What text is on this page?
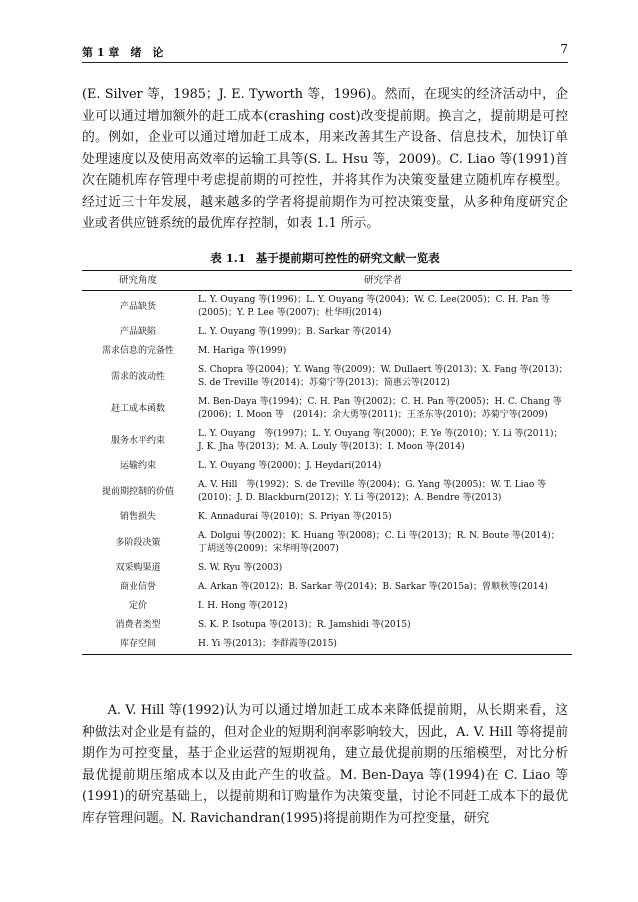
第 1 章　绪　论	7

(E. Silver 等，1985；J. E. Tyworth 等，1996)。然而，在现实的经济活动中，企业可以通过增加额外的赶工成本(crashing cost)改变提前期。换言之，提前期是可控的。例如，企业可以通过增加赶工成本，用来改善其生产设备、信息技术，加快订单处理速度以及使用高效率的运输工具等(S. L. Hsu 等，2009)。C. Liao 等(1991)首次在随机库存管理中考虑提前期的可控性，并将其作为决策变量建立随机库存模型。经过近三十年发展，越来越多的学者将提前期作为可控决策变量，从多种角度研究企业或者供应链系统的最优库存控制，如表 1.1 所示。

表 1.1 基于提前期可控性的研究文献一览表
研究角度	研究学者
产品缺货	L. Y. Ouyang 等(1996)；L. Y. Ouyang 等(2004)；W. C. Lee(2005)；C. H. Pan 等(2005)；Y. P. Lee 等(2007)；杜华明(2014)
产品缺陷	L. Y. Ouyang 等(1999)；B. Sarkar 等(2014)
需求信息的完备性	M. Hariga 等(1999)
需求的波动性	S. Chopra 等(2004)；Y. Wang 等(2009)；W. Dullaert 等(2013)；X. Fang 等(2013)；S. de Treville 等(2014)；苏菊宁等(2013)；简惠云等(2012)
赶工成本函数	M. Ben-Daya 等(1994)；C. H. Pan 等(2002)；C. H. Pan 等(2005)；H. C. Chang 等(2006)；I. Moon 等　(2014)；余大勇等(2011)；王圣东等(2010)；苏菊宁等(2009)
服务水平约束	L. Y. Ouyang　等(1997)；L. Y. Ouyang 等(2000)；F. Ye 等(2010)；Y. Li 等(2011)；J. K. Jha 等(2013)；M. A. Louly 等(2013)；I. Moon 等(2014)
运输约束	L. Y. Ouyang 等(2000)；J. Heydari(2014)
提前期控制的价值	A. V. Hill　等(1992)；S. de Treville 等(2004)；G. Yang 等(2005)；W. T. Liao 等(2010)；J. D. Blackburn(2012)；Y. Li 等(2012)；A. Bendre 等(2013)
销售损失	K. Annadurai 等(2010)；S. Priyan 等(2015)
多阶段决策	A. Dolgui 等(2002)；K. Huang 等(2008)；C. Li 等(2013)；R. N. Boute 等(2014)；丁胡送等(2009)；宋华明等(2007)
双采购渠道	S. W. Ryu 等(2003)
商业信誉	A. Arkan 等(2012)；B. Sarkar 等(2014)；B. Sarkar 等(2015a)；曾顺秋等(2014)
定价	I. H. Hong 等(2012)
消费者类型	S. K. P. Isotupa 等(2013)；R. Jamshidi 等(2015)
库存空间	H. Yi 等(2013)；李群霞等(2015)

A. V. Hill 等(1992)认为可以通过增加赶工成本来降低提前期，从长期来看，这种做法对企业是有益的，但对企业的短期利润率影响较大，因此，A. V. Hill 等将提前期作为可控变量，基于企业运营的短期视角，建立最优提前期的压缩模型，对比分析最优提前期压缩成本以及由此产生的收益。M. Ben-Daya 等(1994)在 C. Liao 等(1991)的研究基础上，以提前期和订购量作为决策变量，讨论不同赶工成本下的最优库存管理问题。N. Ravichandran(1995)将提前期作为可控变量，研究
